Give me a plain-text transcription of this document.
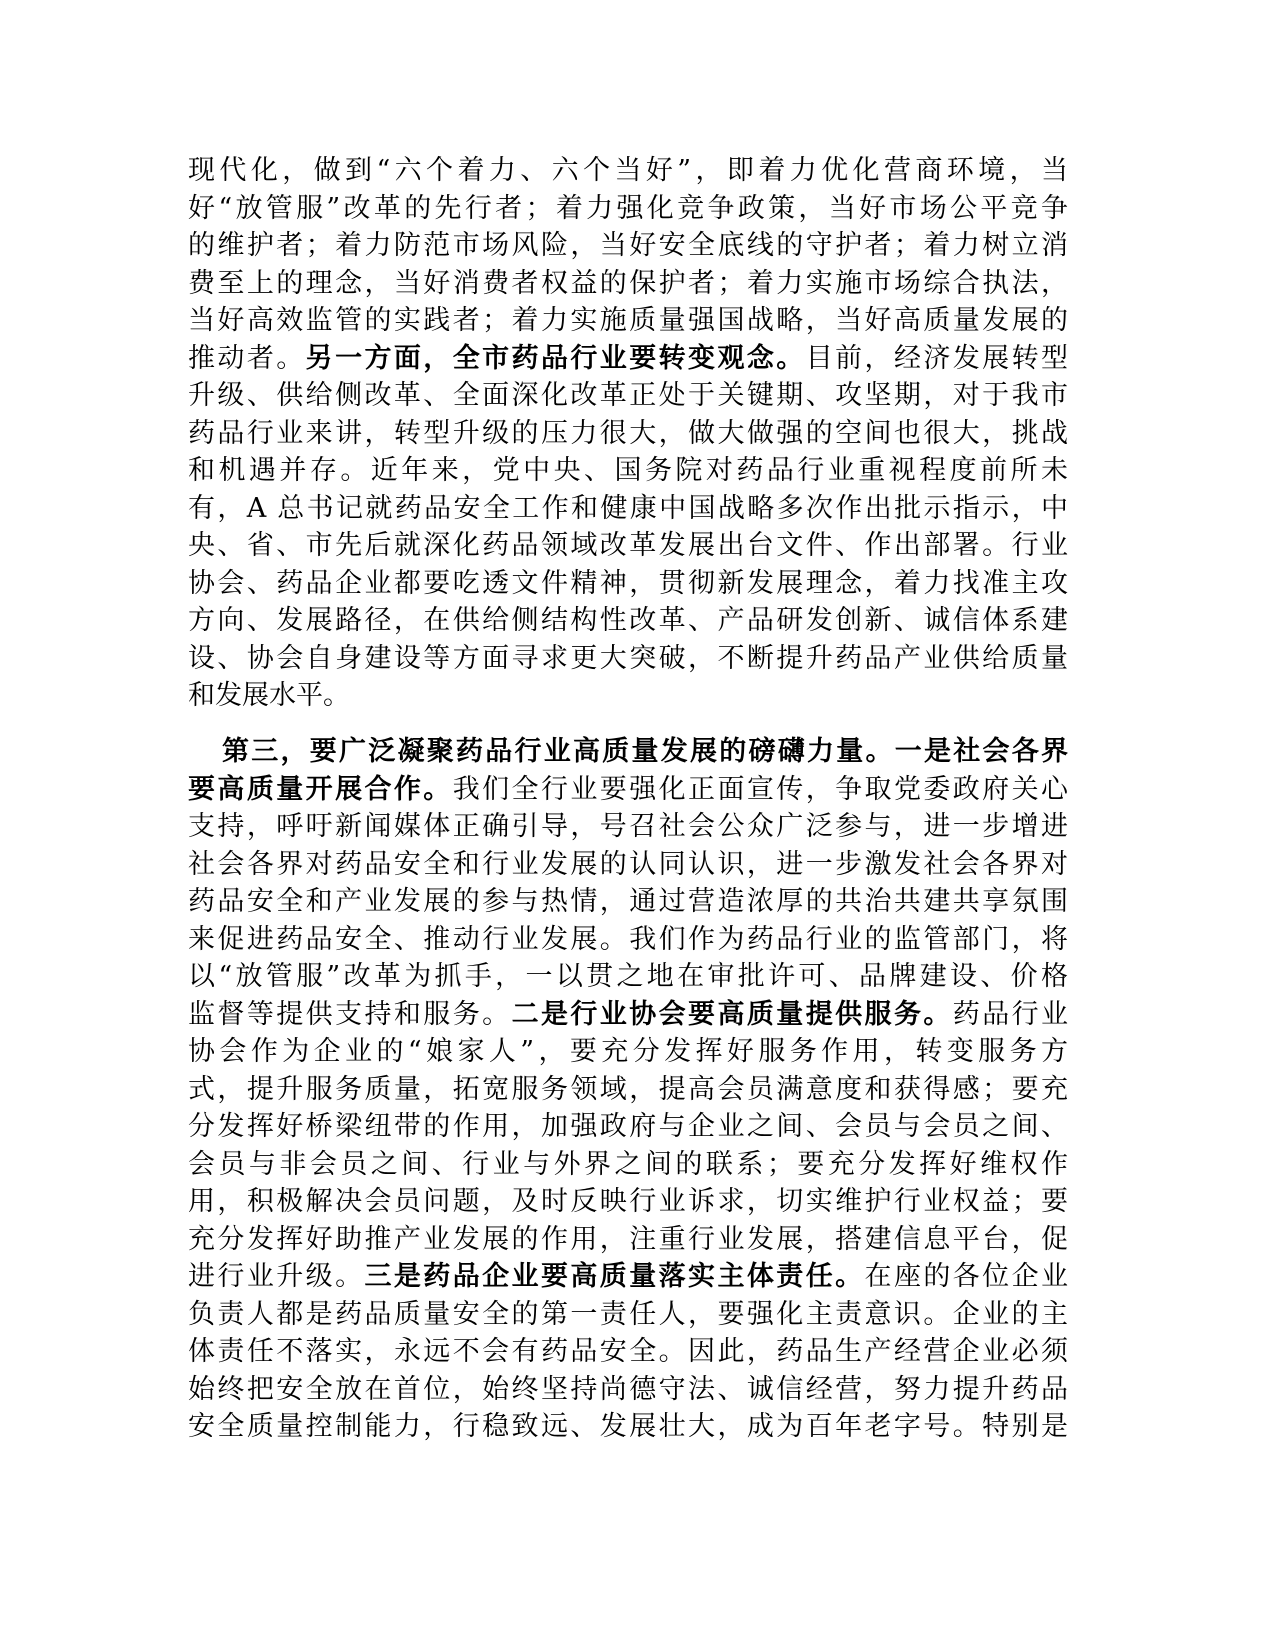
现代化，做到“六个着力、六个当好”，即着力优化营商环境，当
好“放管服”改革的先行者；着力强化竞争政策，当好市场公平竞争
的维护者；着力防范市场风险，当好安全底线的守护者；着力树立消
费至上的理念，当好消费者权益的保护者；着力实施市场综合执法，
当好高效监管的实践者；着力实施质量强国战略，当好高质量发展的
推动者。另一方面，全市药品行业要转变观念。目前，经济发展转型
升级、供给侧改革、全面深化改革正处于关键期、攻坚期，对于我市
药品行业来讲，转型升级的压力很大，做大做强的空间也很大，挑战
和机遇并存。近年来，党中央、国务院对药品行业重视程度前所未
有，A 总书记就药品安全工作和健康中国战略多次作出批示指示，中
央、省、市先后就深化药品领域改革发展出台文件、作出部署。行业
协会、药品企业都要吃透文件精神，贯彻新发展理念，着力找准主攻
方向、发展路径，在供给侧结构性改革、产品研发创新、诚信体系建
设、协会自身建设等方面寻求更大突破，不断提升药品产业供给质量
和发展水平。
第三，要广泛凝聚药品行业高质量发展的磅礴力量。一是社会各界
要高质量开展合作。我们全行业要强化正面宣传，争取党委政府关心
支持，呼吁新闻媒体正确引导，号召社会公众广泛参与，进一步增进
社会各界对药品安全和行业发展的认同认识，进一步激发社会各界对
药品安全和产业发展的参与热情，通过营造浓厚的共治共建共享氛围
来促进药品安全、推动行业发展。我们作为药品行业的监管部门，将
以“放管服”改革为抓手，一以贯之地在审批许可、品牌建设、价格
监督等提供支持和服务。二是行业协会要高质量提供服务。药品行业
协会作为企业的“娘家人”，要充分发挥好服务作用，转变服务方
式，提升服务质量，拓宽服务领域，提高会员满意度和获得感；要充
分发挥好桥梁纽带的作用，加强政府与企业之间、会员与会员之间、
会员与非会员之间、行业与外界之间的联系；要充分发挥好维权作
用，积极解决会员问题，及时反映行业诉求，切实维护行业权益；要
充分发挥好助推产业发展的作用，注重行业发展，搭建信息平台，促
进行业升级。三是药品企业要高质量落实主体责任。在座的各位企业
负责人都是药品质量安全的第一责任人，要强化主责意识。企业的主
体责任不落实，永远不会有药品安全。因此，药品生产经营企业必须
始终把安全放在首位，始终坚持尚德守法、诚信经营，努力提升药品
安全质量控制能力，行稳致远、发展壮大，成为百年老字号。特别是
